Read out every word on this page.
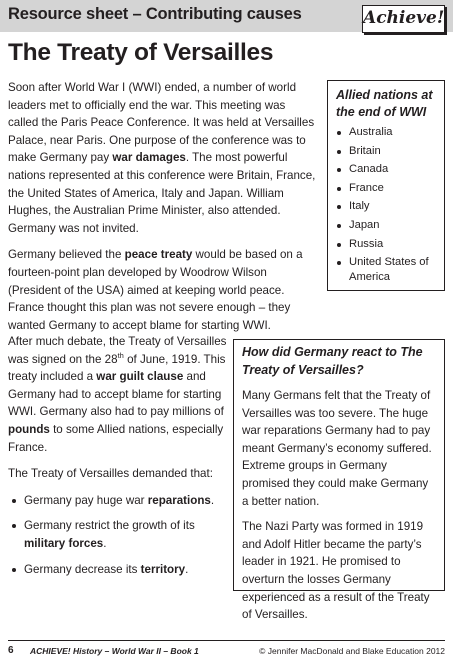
Resource sheet – Contributing causes	Achieve!
The Treaty of Versailles

Soon after World War I (WWI) ended, a number of world leaders met to officially end the war. This meeting was called the Paris Peace Conference. It was held at Versailles Palace, near Paris. One purpose of the conference was to make Germany pay war damages. The most powerful nations represented at this conference were Britain, France, the United States of America, Italy and Japan. William Hughes, the Australian Prime Minister, also attended. Germany was not invited.

Germany believed the peace treaty would be based on a fourteen-point plan developed by Woodrow Wilson (President of the USA) aimed at keeping world peace. France thought this plan was not severe enough – they wanted Germany to accept blame for starting WWI.

Allied nations at the end of WWI
Australia
Britain
Canada
France
Italy
Japan
Russia
United States of America

After much debate, the Treaty of Versailles was signed on the 28th of June, 1919. This treaty included a war guilt clause and Germany had to accept blame for starting WWI. Germany also had to pay millions of pounds to some Allied nations, especially France.

The Treaty of Versailles demanded that:

Germany pay huge war reparations.
Germany restrict the growth of its military forces.
Germany decrease its territory.
How did Germany react to The Treaty of Versailles?

Many Germans felt that the Treaty of Versailles was too severe. The huge war reparations Germany had to pay meant Germany’s economy suffered. Extreme groups in Germany promised they could make Germany a better nation.

The Nazi Party was formed in 1919 and Adolf Hitler became the party’s leader in 1921. He promised to overturn the losses Germany experienced as a result of the Treaty of Versailles.

6 ACHIEVE! History – World War II – Book 1	© Jennifer MacDonald and Blake Education 2012
